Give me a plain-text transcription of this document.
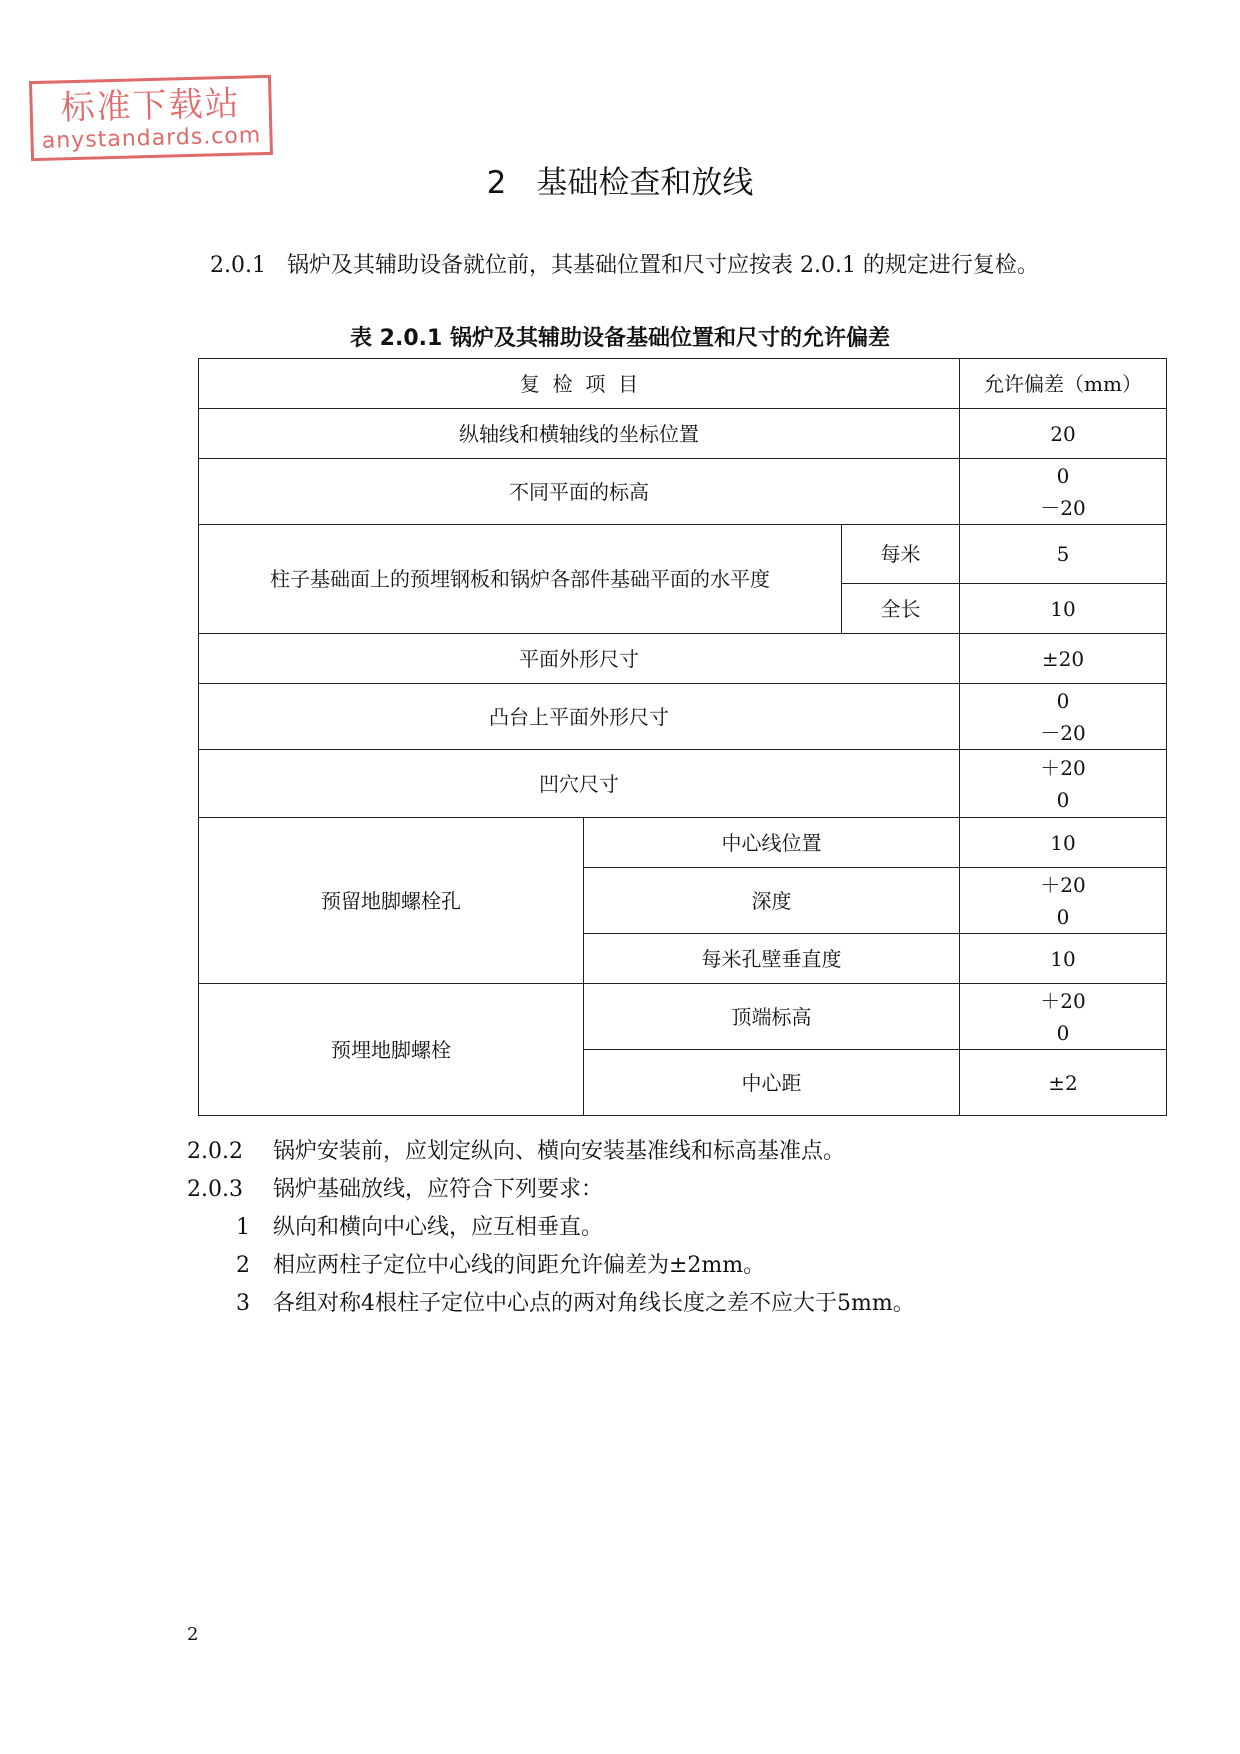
标准下载站
anystandards.com
2 基础检查和放线
2.0.1 锅炉及其辅助设备就位前，其基础位置和尺寸应按表 2.0.1 的规定进行复检。
表 2.0.1 锅炉及其辅助设备基础位置和尺寸的允许偏差
复  检  项  目			允许偏差（mm）
纵轴线和横轴线的坐标位置			20
不同平面的标高			0
－20

柱子基础面上的预埋钢板和锅炉各部件基础平面的水平度		每米	5
		全长	10
平面外形尺寸			±20
凸台上平面外形尺寸			0
－20

凹穴尺寸			＋20
0

预留地脚螺栓孔	中心线位置		10
	深度		＋20
0

	每米孔壁垂直度		10
预埋地脚螺栓	顶端标高		＋20
0

	中心距		±2
2.0.2 锅炉安装前，应划定纵向、横向安装基准线和标高基准点。
2.0.3 锅炉基础放线，应符合下列要求：
1 纵向和横向中心线，应互相垂直。
2 相应两柱子定位中心线的间距允许偏差为±2mm。
3 各组对称4根柱子定位中心点的两对角线长度之差不应大于5mm。
2
